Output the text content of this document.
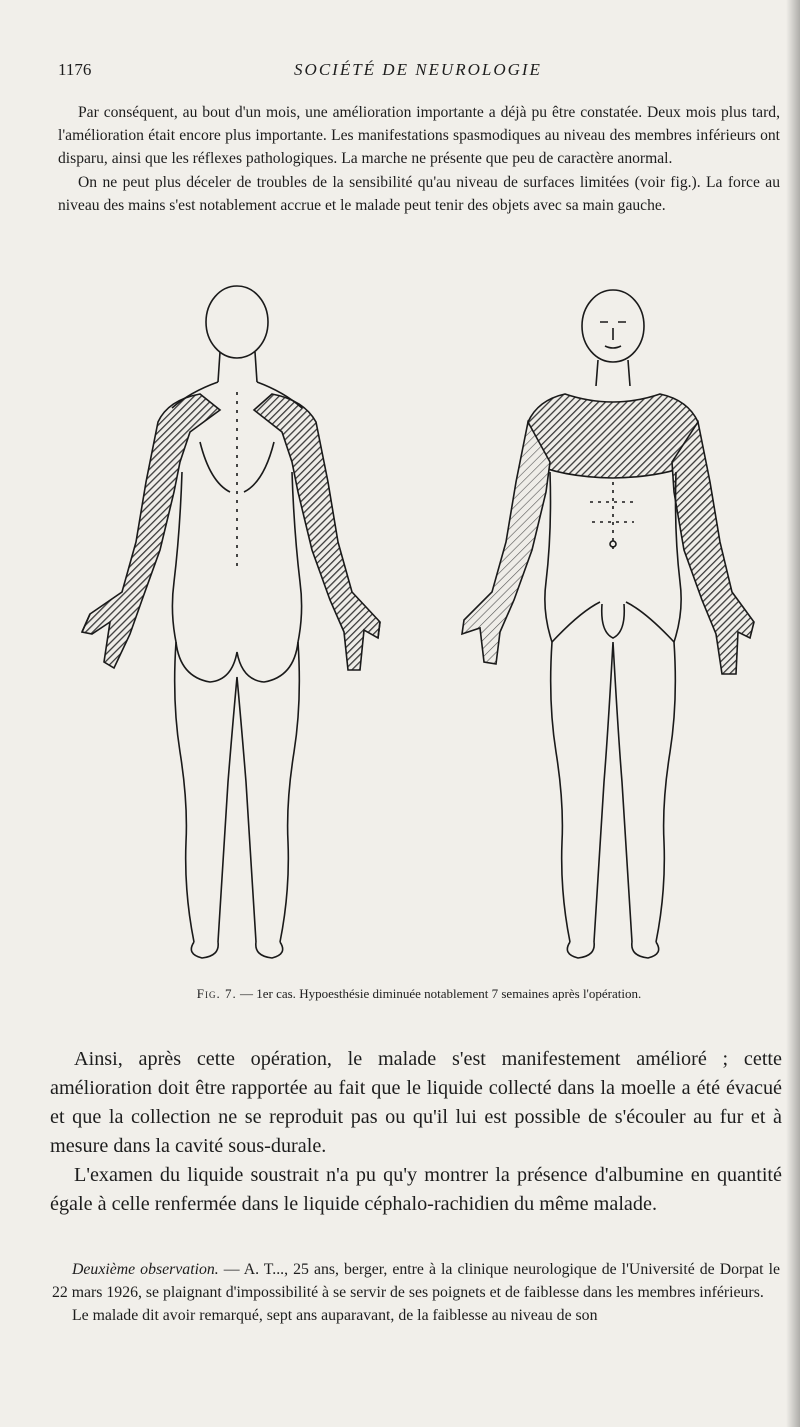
1176	SOCIÉTÉ DE NEUROLOGIE

Par conséquent, au bout d'un mois, une amélioration importante a déjà pu être constatée. Deux mois plus tard, l'amélioration était encore plus importante. Les manifestations spasmodiques au niveau des membres inférieurs ont disparu, ainsi que les réflexes pathologiques. La marche ne présente que peu de caractère anormal.

On ne peut plus déceler de troubles de la sensibilité qu'au niveau de surfaces limitées (voir fig.). La force au niveau des mains s'est notablement accrue et le malade peut tenir des objets avec sa main gauche.

Fig. 7. — 1er cas. Hypoesthésie diminuée notablement 7 semaines après l'opération.

Ainsi, après cette opération, le malade s'est manifestement amélioré ; cette amélioration doit être rapportée au fait que le liquide collecté dans la moelle a été évacué et que la collection ne se reproduit pas ou qu'il lui est possible de s'écouler au fur et à mesure dans la cavité sous-durale.

L'examen du liquide soustrait n'a pu qu'y montrer la présence d'albumine en quantité égale à celle renfermée dans le liquide céphalo-rachidien du même malade.

Deuxième observation. — A. T..., 25 ans, berger, entre à la clinique neurologique de l'Université de Dorpat le 22 mars 1926, se plaignant d'impossibilité à se servir de ses poignets et de faiblesse dans les membres inférieurs.

Le malade dit avoir remarqué, sept ans auparavant, de la faiblesse au niveau de son
